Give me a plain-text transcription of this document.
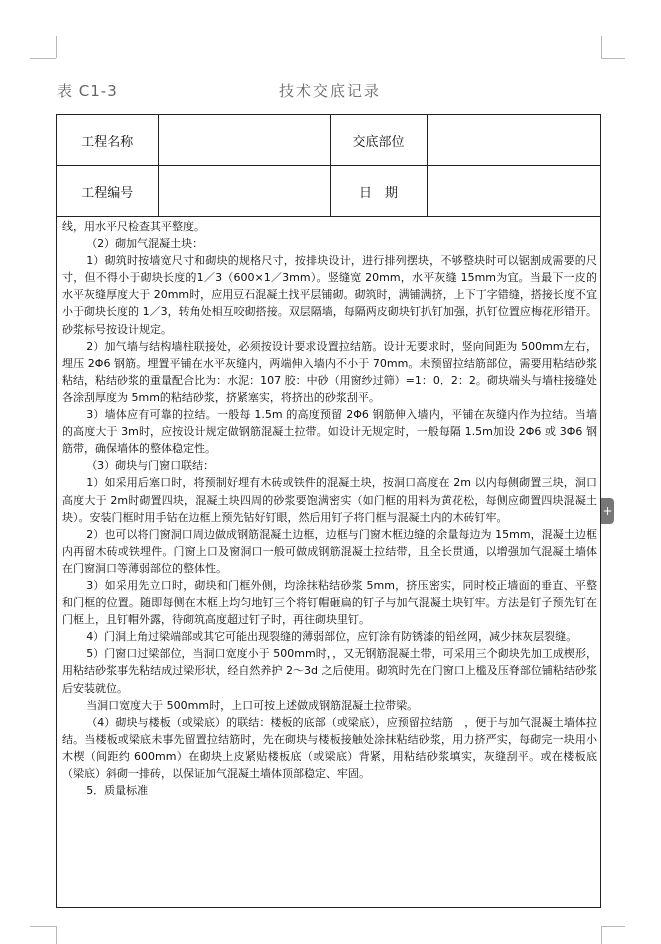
表 C1-3	技术交底记录
工程名称		交底部位	
工程编号		日　期	

线，用水平尺检查其平整度。

（2）砌加气混凝土块：

1）砌筑时按墙宽尺寸和砌块的规格尺寸，按排块设计，进行排列摆块，不够整块时可以锯割成需要的尺寸，但不得小于砌块长度的1／3（600×1／3mm）。竖缝宽 20mm，水平灰缝 15mm为宜。当最下一皮的水平灰缝厚度大于 20mm时，应用豆石混凝土找平层铺砌。砌筑时，满铺满挤，上下丁字错缝，搭接长度不宜小于砌块长度的 1／3，转角处相互咬砌搭接。双层隔墙，每隔两皮砌块钉扒钉加强，扒钉位置应梅花形错开。砂浆标号按设计规定。

2）加气墙与结构墙柱联接处，必须按设计要求设置拉结筋。设计无要求时，竖向间距为 500mm左右，埋压 2Φ6 钢筋。埋置平铺在水平灰缝内，两端伸入墙内不小于 70mm。未预留拉结筋部位，需要用粘结砂浆粘结，粘结砂浆的重量配合比为：水泥：107 胶：中砂（用窗纱过筛）=1：0．2：2。砌块端头与墙柱接缝处各涂刮厚度为 5mm的粘结砂浆，挤紧塞实，将挤出的砂浆刮平。

3）墙体应有可靠的拉结。一般每 1.5m 的高度预留 2Φ6 钢筋伸入墙内，平铺在灰缝内作为拉结。当墙的高度大于 3m时，应按设计规定做钢筋混凝土拉带。如设计无规定时，一般每隔 1.5m加设 2Φ6 或 3Φ6 钢筋带，确保墙体的整体稳定性。

（3）砌块与门窗口联结：

1）如采用后塞口时，将预制好埋有木砖或铁件的混凝土块，按洞口高度在 2m 以内每侧砌置三块，洞口高度大于 2m时砌置四块，混凝土块四周的砂浆要饱满密实（如门框的用料为黄花松，每侧应砌置四块混凝土块）。安装门框时用手钻在边框上预先钻好钉眼，然后用钉子将门框与混凝土内的木砖钉牢。

2）也可以将门窗洞口周边做成钢筋混凝土边框，边框与门窗木框边缝的余量每边为 15mm，混凝土边框内再留木砖或铁埋件。门窗上口及窗洞口一般可做成钢筋混凝土拉结带，且全长贯通，以增强加气混凝土墙体在门窗洞口等薄弱部位的整体性。

3）如采用先立口时，砌块和门框外侧，均涂抹粘结砂浆 5mm，挤压密实，同时校正墙面的垂直、平整和门框的位置。随即每侧在木框上均匀地钉三个将钉帽砸扁的钉子与加气混凝土块钉牢。方法是钉子预先钉在门框上，且钉帽外露，待砌筑高度超过钉子时，再往砌块里钉。

4）门洞上角过梁端部或其它可能出现裂缝的薄弱部位，应钉涂有防锈漆的铅丝网，减少抹灰层裂缝。

5）门窗口过梁部位，当洞口宽度小于 500mm时，，又无钢筋混凝土带，可采用三个砌块先加工成楔形，用粘结砂浆事先粘结成过梁形状，经自然养护 2～3d 之后使用。砌筑时先在门窗口上槛及压脊部位铺粘结砂浆后安装就位。

当洞口宽度大于 500mm时，上口可按上述做成钢筋混凝土拉带梁。

（4）砌块与楼板（或梁底）的联结：楼板的底部（或梁底），应预留拉结筋　，便于与加气混凝土墙体拉结。当楼板或梁底未事先留置拉结筋时，先在砌块与楼板接触处涂抹粘结砂浆，用力挤严实，每砌完一块用小木楔（间距约 600mm）在砌块上皮紧贴楼板底（或梁底）背紧，用粘结砂浆填实，灰缝刮平。或在楼板底（梁底）斜砌一排砖，以保证加气混凝土墙体顶部稳定、牢固。

5．质量标准

+
